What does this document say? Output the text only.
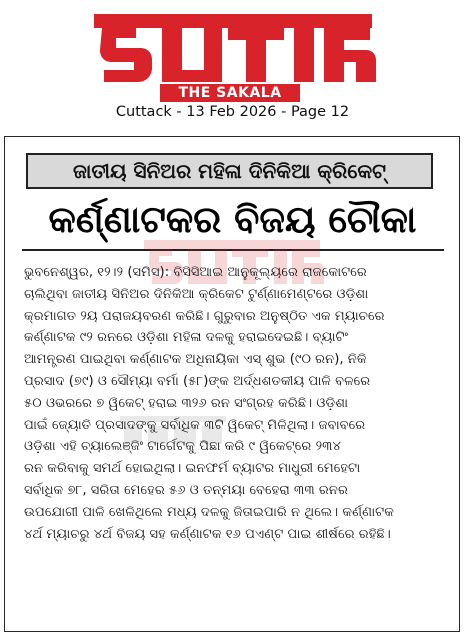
THE SAKALA
Cuttack - 13 Feb 2026 - Page 12
ଜାତୀୟ ସିନିଅର ମହିଳା ଦିନିକିଆ କ୍ରିକେଟ୍
କର୍ଣ୍ଣାଟକର ବିଜୟ ଚୌକା
ଭୁବନେଶ୍ୱର, ୧୨।୨ (ସମିସ): ବିସିସିଆଇ ଆନୁକୂଲ୍ୟରେ ରାଜକୋଟରେ
ଚାଲିଥିବା ଜାତୀୟ ସିନିଅର ଦିନିକିଆ କ୍ରିକେଟ ଟୁର୍ଣ୍ଣାମେଣ୍ଟରେ ଓଡ଼ିଶା
କ୍ରମାଗତ ୨ୟ ପରାଜୟବରଣ କରିଛି। ଗୁରୁବାର ଅନୁଷ୍ଠିତ ଏକ ମ୍ୟାଚରେ
କର୍ଣ୍ଣାଟକ ୯୨ ରନରେ ଓଡ଼ିଶା ମହିଳା ଦଳକୁ ହରାଇଦେଇଛି। ବ୍ୟାଟିଂ
ଆମନ୍ତ୍ରଣ ପାଇଥିବା କର୍ଣ୍ଣାଟକ ଅଧିନାୟିକା ଏସ୍ ଶୁଭ (୯୦ ରନ), ନିକି
ପ୍ରସାଦ (୭୯) ଓ ସୌମ୍ୟା ବର୍ମା (୫୮)ଙ୍କ ଅର୍ଦ୍ଧଶତକୀୟ ପାଳି ବଳରେ
୫୦ ଓଭରରେ ୭ ୱିକେଟ୍ ହରାଇ ୩୨୬ ରନ ସଂଗ୍ରହ କରିଛି। ଓଡ଼ିଶା
ପାଇଁ ଜ୍ୟୋତି ପ୍ରସାଦଙ୍କୁ ସର୍ବାଧିକ ୩ଟି ୱିକେଟ୍ ମିଳିଥିଲା। ଜବାବରେ
ଓଡ଼ିଶା ଏହି ଚ୍ୟାଲେଞ୍ଜିଂ ଟାର୍ଗେଟକୁ ପିଛା କରି ୯ ୱିକେଟ୍‌ରେ ୨୩୪
ରନ କରିବାକୁ ସମର୍ଥ ହୋଇଥିଲା। ଇନଫର୍ମ ବ୍ୟାଟର ମାଧୁରୀ ମେହେଟା
ସର୍ବାଧିକ ୭୮, ସରିତା ମେହେର ୫୬ ଓ ତନ୍ମୟା ବେହେରା ୩୩ ରନର
ଉପଯୋଗୀ ପାଳି ଖେଳିଥିଲେ ମଧ୍ୟ ଦଳକୁ ଜିତାଇପାରି ନ ଥିଲେ। କର୍ଣ୍ଣାଟକ
୪ର୍ଥ ମ୍ୟାଚରୁ ୪ର୍ଥ ବିଜୟ ସହ କର୍ଣ୍ଣାଟକ ୧୬ ପଏଣ୍ଟ ପାଇ ଶୀର୍ଷରେ ରହିଛି।
